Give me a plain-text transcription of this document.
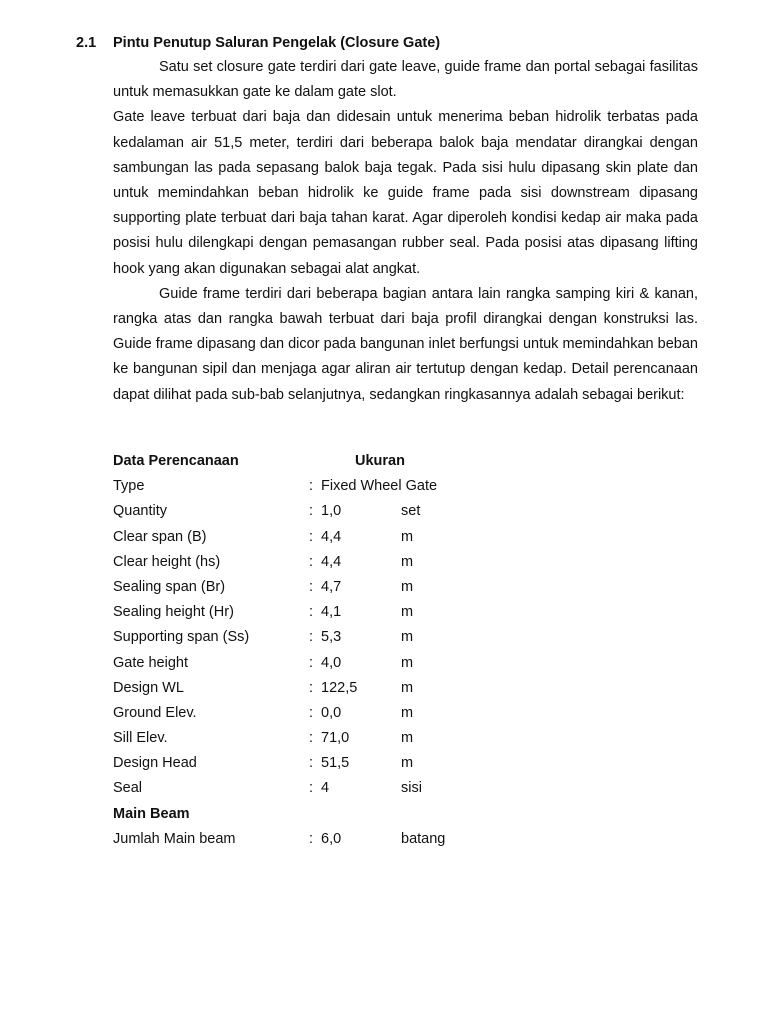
2.1 Pintu Penutup Saluran Pengelak (Closure Gate)

Satu set closure gate terdiri dari gate leave, guide frame dan portal sebagai fasilitas untuk memasukkan gate ke dalam gate slot.

Gate leave terbuat dari baja dan didesain untuk menerima beban hidrolik terbatas pada kedalaman air 51,5 meter, terdiri dari beberapa balok baja mendatar dirangkai dengan sambungan las pada sepasang balok baja tegak. Pada sisi hulu dipasang skin plate dan untuk memindahkan beban hidrolik ke guide frame pada sisi downstream dipasang supporting plate terbuat dari baja tahan karat. Agar diperoleh kondisi kedap air maka pada posisi hulu dilengkapi dengan pemasangan rubber seal. Pada posisi atas dipasang lifting hook yang akan digunakan sebagai alat angkat.

Guide frame terdiri dari beberapa bagian antara lain rangka samping kiri & kanan, rangka atas dan rangka bawah terbuat dari baja profil dirangkai dengan konstruksi las. Guide frame dipasang dan dicor pada bangunan inlet berfungsi untuk memindahkan beban ke bangunan sipil dan menjaga agar aliran air tertutup dengan kedap. Detail perencanaan dapat dilihat pada sub-bab selanjutnya, sedangkan ringkasannya adalah sebagai berikut:

Data Perencanaan	Ukuran
Type	: Fixed Wheel Gate
Quantity	: 1,0	set
Clear span (B)	: 4,4	m
Clear height (hs)	: 4,4	m
Sealing span (Br)	: 4,7	m
Sealing height (Hr)	: 4,1	m
Supporting span (Ss)	: 5,3	m
Gate height	: 4,0	m
Design WL	: 122,5	m
Ground Elev.	: 0,0	m
Sill Elev.	: 71,0	m
Design Head	: 51,5	m
Seal	: 4	sisi
Main Beam
Jumlah Main beam	: 6,0	batang
